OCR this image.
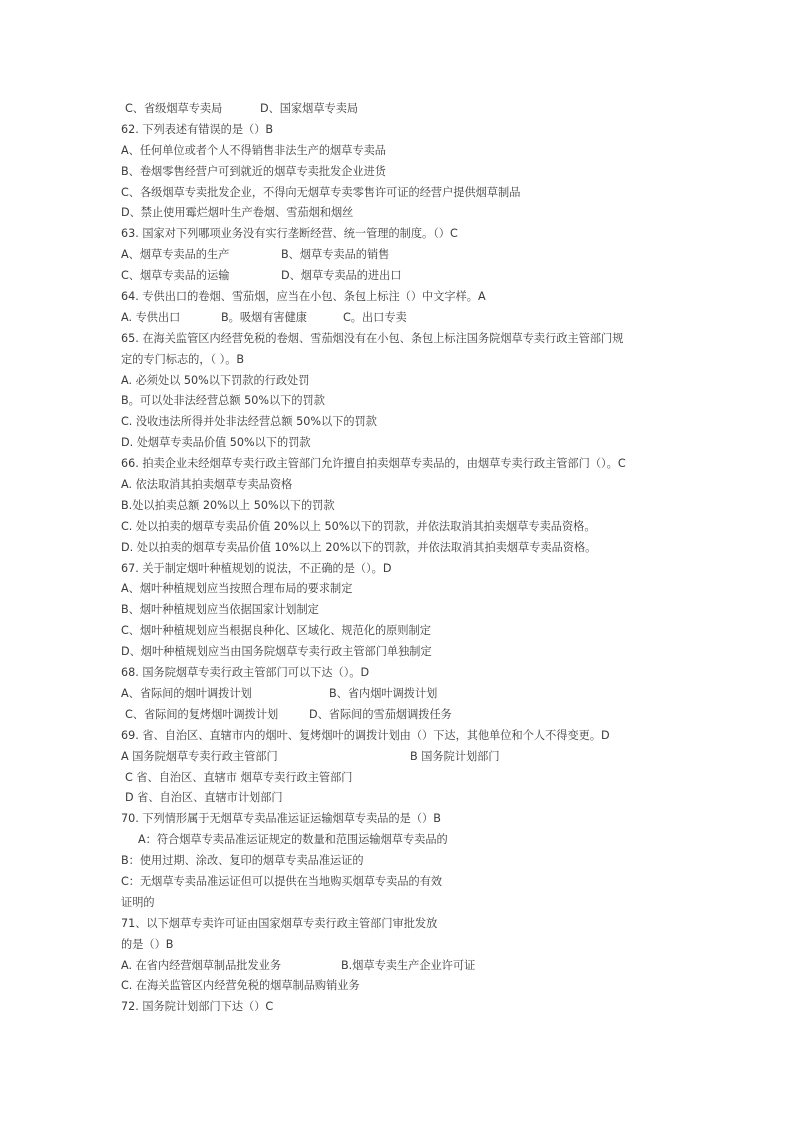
C、省级烟草专卖局	D、国家烟草专卖局
62. 下列表述有错误的是（）B
A、任何单位或者个人不得销售非法生产的烟草专卖品
B、卷烟零售经营户可到就近的烟草专卖批发企业进货
C、各级烟草专卖批发企业，不得向无烟草专卖零售许可证的经营户提供烟草制品
D、禁止使用霉烂烟叶生产卷烟、雪茄烟和烟丝
63. 国家对下列哪项业务没有实行垄断经营、统一管理的制度。（）C
A、烟草专卖品的生产	B、烟草专卖品的销售
C、烟草专卖品的运输	D、烟草专卖品的进出口
64. 专供出口的卷烟、雪茄烟，应当在小包、条包上标注（）中文字样。A
A. 专供出口	B。吸烟有害健康	C。出口专卖
65. 在海关监管区内经营免税的卷烟、雪茄烟没有在小包、条包上标注国务院烟草专卖行政主管部门规
定的专门标志的，（ ）。B
A. 必须处以 50%以下罚款的行政处罚
B。可以处非法经营总额 50%以下的罚款
C. 没收违法所得并处非法经营总额 50%以下的罚款
D. 处烟草专卖品价值 50%以下的罚款
66. 拍卖企业未经烟草专卖行政主管部门允许擅自拍卖烟草专卖品的，由烟草专卖行政主管部门（）。C
A. 依法取消其拍卖烟草专卖品资格
B.处以拍卖总额 20%以上 50%以下的罚款
C. 处以拍卖的烟草专卖品价值 20%以上 50%以下的罚款，并依法取消其拍卖烟草专卖品资格。
D. 处以拍卖的烟草专卖品价值 10%以上 20%以下的罚款，并依法取消其拍卖烟草专卖品资格。
67. 关于制定烟叶种植规划的说法，不正确的是（）。D
A、烟叶种植规划应当按照合理布局的要求制定
B、烟叶种植规划应当依据国家计划制定
C、烟叶种植规划应当根据良种化、区域化、规范化的原则制定
D、烟叶种植规划应当由国务院烟草专卖行政主管部门单独制定
68. 国务院烟草专卖行政主管部门可以下达（）。D
A、省际间的烟叶调拨计划	B、省内烟叶调拨计划
C、省际间的复烤烟叶调拨计划	D、省际间的雪茄烟调拨任务
69. 省、自治区、直辖市内的烟叶、复烤烟叶的调拨计划由（）下达，其他单位和个人不得变更。D
A 国务院烟草专卖行政主管部门	B 国务院计划部门
C 省、自治区、直辖市 烟草专卖行政主管部门
D 省、自治区、直辖市计划部门
70. 下列情形属于无烟草专卖品准运证运输烟草专卖品的是（）B
A：符合烟草专卖品准运证规定的数量和范围运输烟草专卖品的
B：使用过期、涂改、复印的烟草专卖品准运证的
C：无烟草专卖品准运证但可以提供在当地购买烟草专卖品的有效
证明的
71、以下烟草专卖许可证由国家烟草专卖行政主管部门审批发放
的是（）B
A. 在省内经营烟草制品批发业务	B.烟草专卖生产企业许可证
C. 在海关监管区内经营免税的烟草制品购销业务
72. 国务院计划部门下达（）C
